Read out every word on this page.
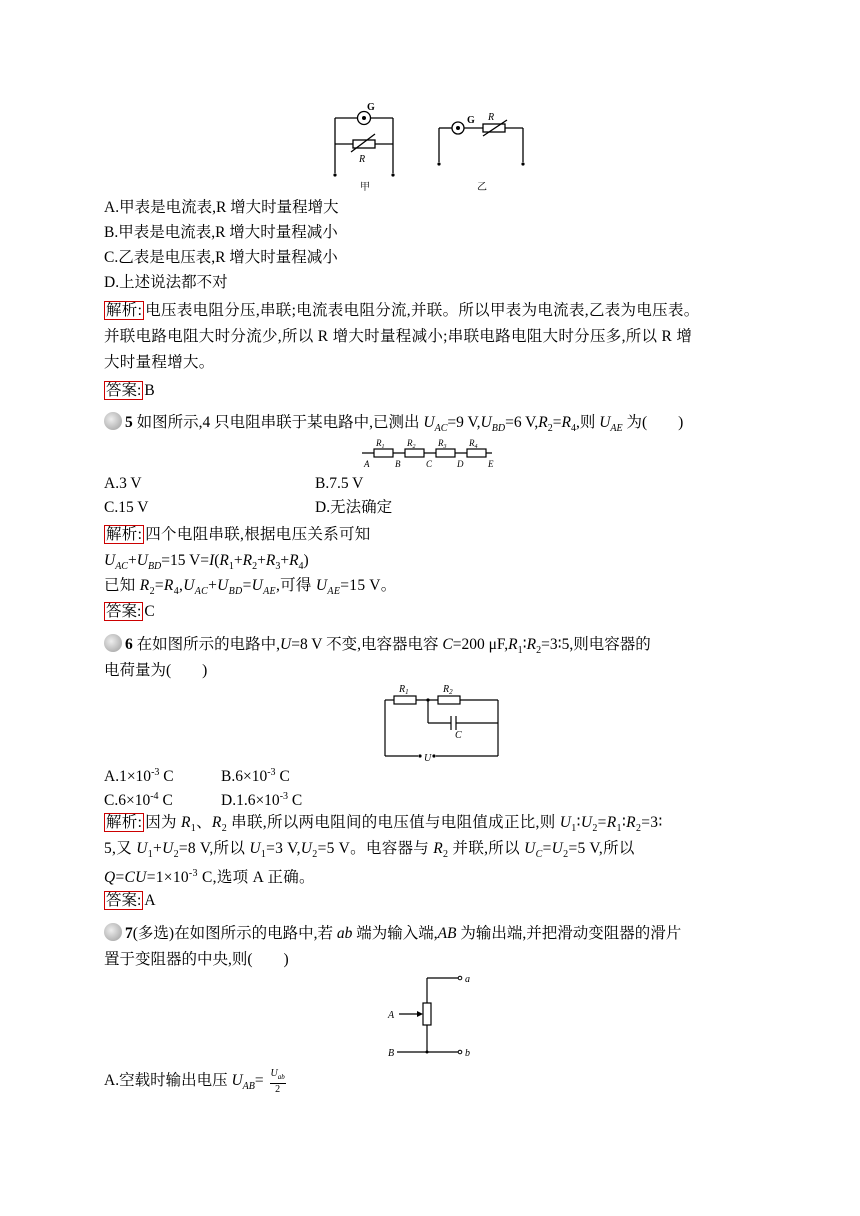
G
R
甲
G R
乙
A.甲表是电流表,R 增大时量程增大
B.甲表是电流表,R 增大时量程减小
C.乙表是电压表,R 增大时量程减小
D.上述说法都不对
解析: 电压表电阻分压,串联;电流表电阻分流,并联。所以甲表为电流表,乙表为电压表。
并联电路电阻大时分流少,所以 R 增大时量程减小;串联电路电阻大时分压多,所以 R 增
大时量程增大。
答案: B
5 如图所示,4 只电阻串联于某电路中,已测出 $U_{AC}=9$ $V,U_{BD}=6$ $V,R_2=R_4$,则 $U_{AE}$ 为(　　)
$R_1$	$R_2$	$R_3$	$R_4$
A	B	C	D	E
A.3 V	B.7.5 V
C.15 V	D.无法确定
解析: 四个电阻串联,根据电压关系可知
$U_{AC}+U_{BD}=15$ $V=I(R_1+R_2+R_3+R_4)$
已知 $R_2=R_4,U_{AC}+U_{BD}=U_{AE}$,可得 $U_{AE}=15$ V。
答案: C
6 在如图所示的电路中,U=8 V 不变,电容器电容 C=200 $\mu F,R_1∶R_2=3∶5$,则电容器的
电荷量为(　　)
$R_1$	$R_2$
C
U
$A.1\times 10^{-3}$ C	$B.6\times 10^{-3}$ C
$C.6\times 10^{-4}$ C	$D.1.6\times 10^{-3}$ C
解析: 因为 $R_1$、$R_2$ 串联,所以两电阻间的电压值与电阻值成正比,则 $U_1∶U_2=R_1∶R_2=3∶$
5,又 $U_1+U_2=8$ V,所以 $U_1=3$ $V,U_2=5$ V。电容器与 $R_2$ 并联,所以 $U_C=U_2=5$ V,所以
$Q=CU=1\times 10^{-3}$ C,选项 A 正确。
答案: A
7(多选)在如图所示的电路中,若 ab 端为输入端,AB 为输出端,并把滑动变阻器的滑片
置于变阻器的中央,则(　　)
a
b
A
B
A.空载时输出电压 $U_{AB}= U_{ab}$
2
